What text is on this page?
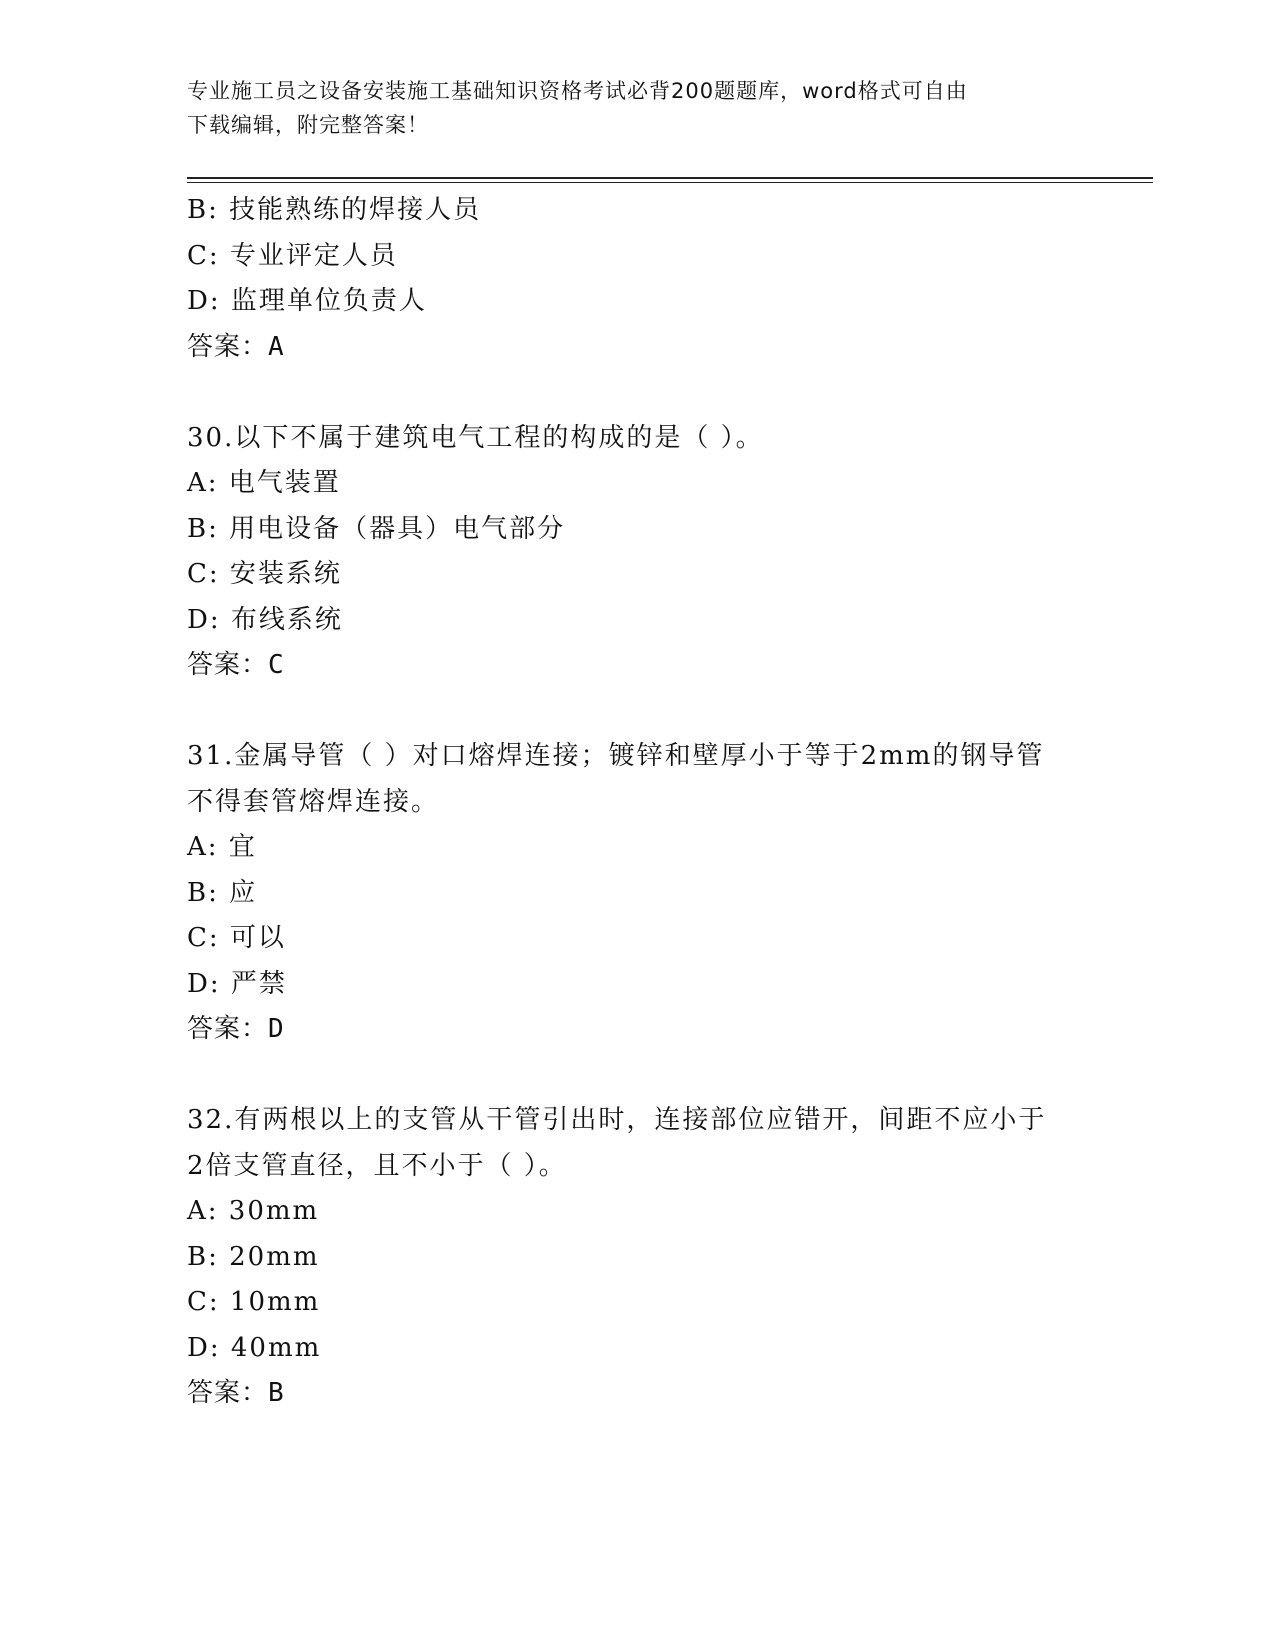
专业施工员之设备安装施工基础知识资格考试必背200题题库，word格式可自由
下载编辑，附完整答案！
B: 技能熟练的焊接人员
C: 专业评定人员
D: 监理单位负责人
答案：A
30.以下不属于建筑电气工程的构成的是（ ）。
A: 电气装置
B: 用电设备（器具）电气部分
C: 安装系统
D: 布线系统
答案：C
31.金属导管（ ）对口熔焊连接；镀锌和壁厚小于等于2mm的钢导管
不得套管熔焊连接。
A: 宜
B: 应
C: 可以
D: 严禁
答案：D
32.有两根以上的支管从干管引出时，连接部位应错开，间距不应小于
2倍支管直径，且不小于（ ）。
A: 30mm
B: 20mm
C: 10mm
D: 40mm
答案：B
